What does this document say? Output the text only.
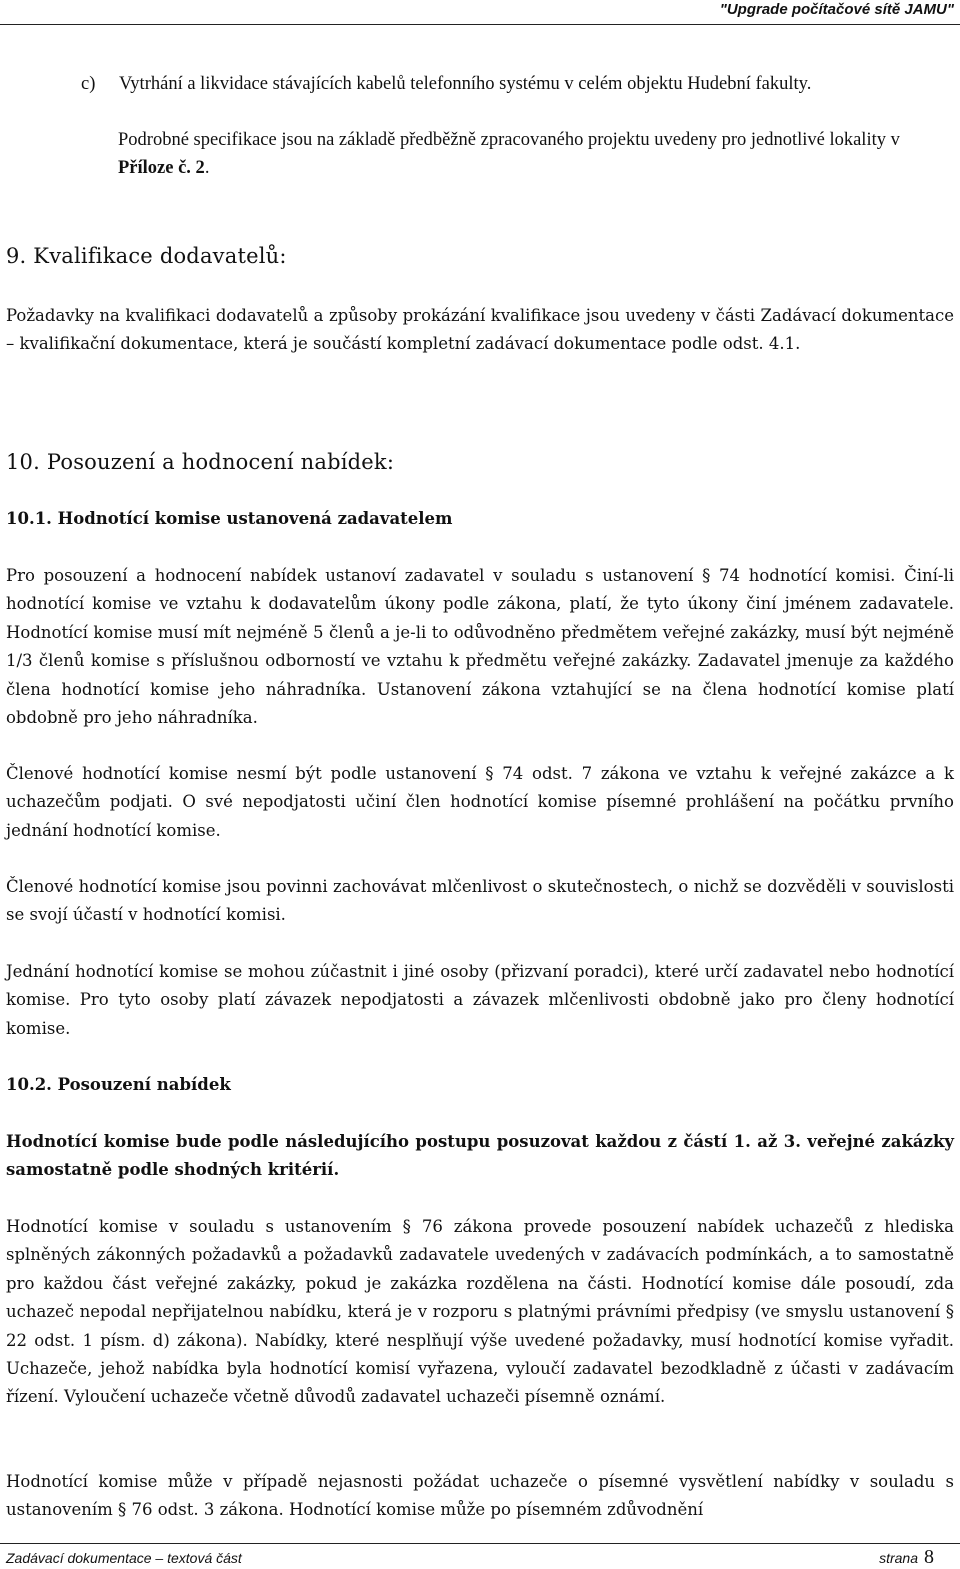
"Upgrade počítačové sítě JAMU"

c)	Vytrhání a likvidace stávajících kabelů telefonního systému v celém objektu Hudební fakulty.

Podrobné specifikace jsou na základě předběžně zpracovaného projektu uvedeny pro jednotlivé lokality v Příloze č. 2.

9. Kvalifikace dodavatelů:

Požadavky na kvalifikaci dodavatelů a způsoby prokázání kvalifikace jsou uvedeny v části Zadávací dokumentace – kvalifikační dokumentace, která je součástí kompletní zadávací dokumentace podle odst. 4.1.

10. Posouzení a hodnocení nabídek:
10.1. Hodnotící komise ustanovená zadavatelem

Pro posouzení a hodnocení nabídek ustanoví zadavatel v souladu s ustanovení § 74 hodnotící komisi. Činí-li hodnotící komise ve vztahu k dodavatelům úkony podle zákona, platí, že tyto úkony činí jménem zadavatele. Hodnotící komise musí mít nejméně 5 členů a je-li to odůvodněno předmětem veřejné zakázky, musí být nejméně 1/3 členů komise s příslušnou odborností ve vztahu k předmětu veřejné zakázky. Zadavatel jmenuje za každého člena hodnotící komise jeho náhradníka. Ustanovení zákona vztahující se na člena hodnotící komise platí obdobně pro jeho náhradníka.

Členové hodnotící komise nesmí být podle ustanovení § 74 odst. 7 zákona ve vztahu k veřejné zakázce a k uchazečům podjati. O své nepodjatosti učiní člen hodnotící komise písemné prohlášení na počátku prvního jednání hodnotící komise.

Členové hodnotící komise jsou povinni zachovávat mlčenlivost o skutečnostech, o nichž se dozvěděli v souvislosti se svojí účastí v hodnotící komisi.

Jednání hodnotící komise se mohou zúčastnit i jiné osoby (přizvaní poradci), které určí zadavatel nebo hodnotící komise. Pro tyto osoby platí závazek nepodjatosti a závazek mlčenlivosti obdobně jako pro členy hodnotící komise.

10.2. Posouzení nabídek

Hodnotící komise bude podle následujícího postupu posuzovat každou z částí 1. až 3. veřejné zakázky samostatně podle shodných kritérií.

Hodnotící komise v souladu s ustanovením § 76 zákona provede posouzení nabídek uchazečů z hlediska splněných zákonných požadavků a požadavků zadavatele uvedených v zadávacích podmínkách, a to samostatně pro každou část veřejné zakázky, pokud je zakázka rozdělena na části. Hodnotící komise dále posoudí, zda uchazeč nepodal nepřijatelnou nabídku, která je v rozporu s platnými právními předpisy (ve smyslu ustanovení § 22 odst. 1 písm. d) zákona). Nabídky, které nesplňují výše uvedené požadavky, musí hodnotící komise vyřadit. Uchazeče, jehož nabídka byla hodnotící komisí vyřazena, vyloučí zadavatel bezodkladně z účasti v zadávacím řízení. Vyloučení uchazeče včetně důvodů zadavatel uchazeči písemně oznámí.

Hodnotící komise může v případě nejasnosti požádat uchazeče o písemné vysvětlení nabídky v souladu s ustanovením § 76 odst. 3 zákona. Hodnotící komise může po písemném zdůvodnění

Zadávací dokumentace – textová část	strana 8
